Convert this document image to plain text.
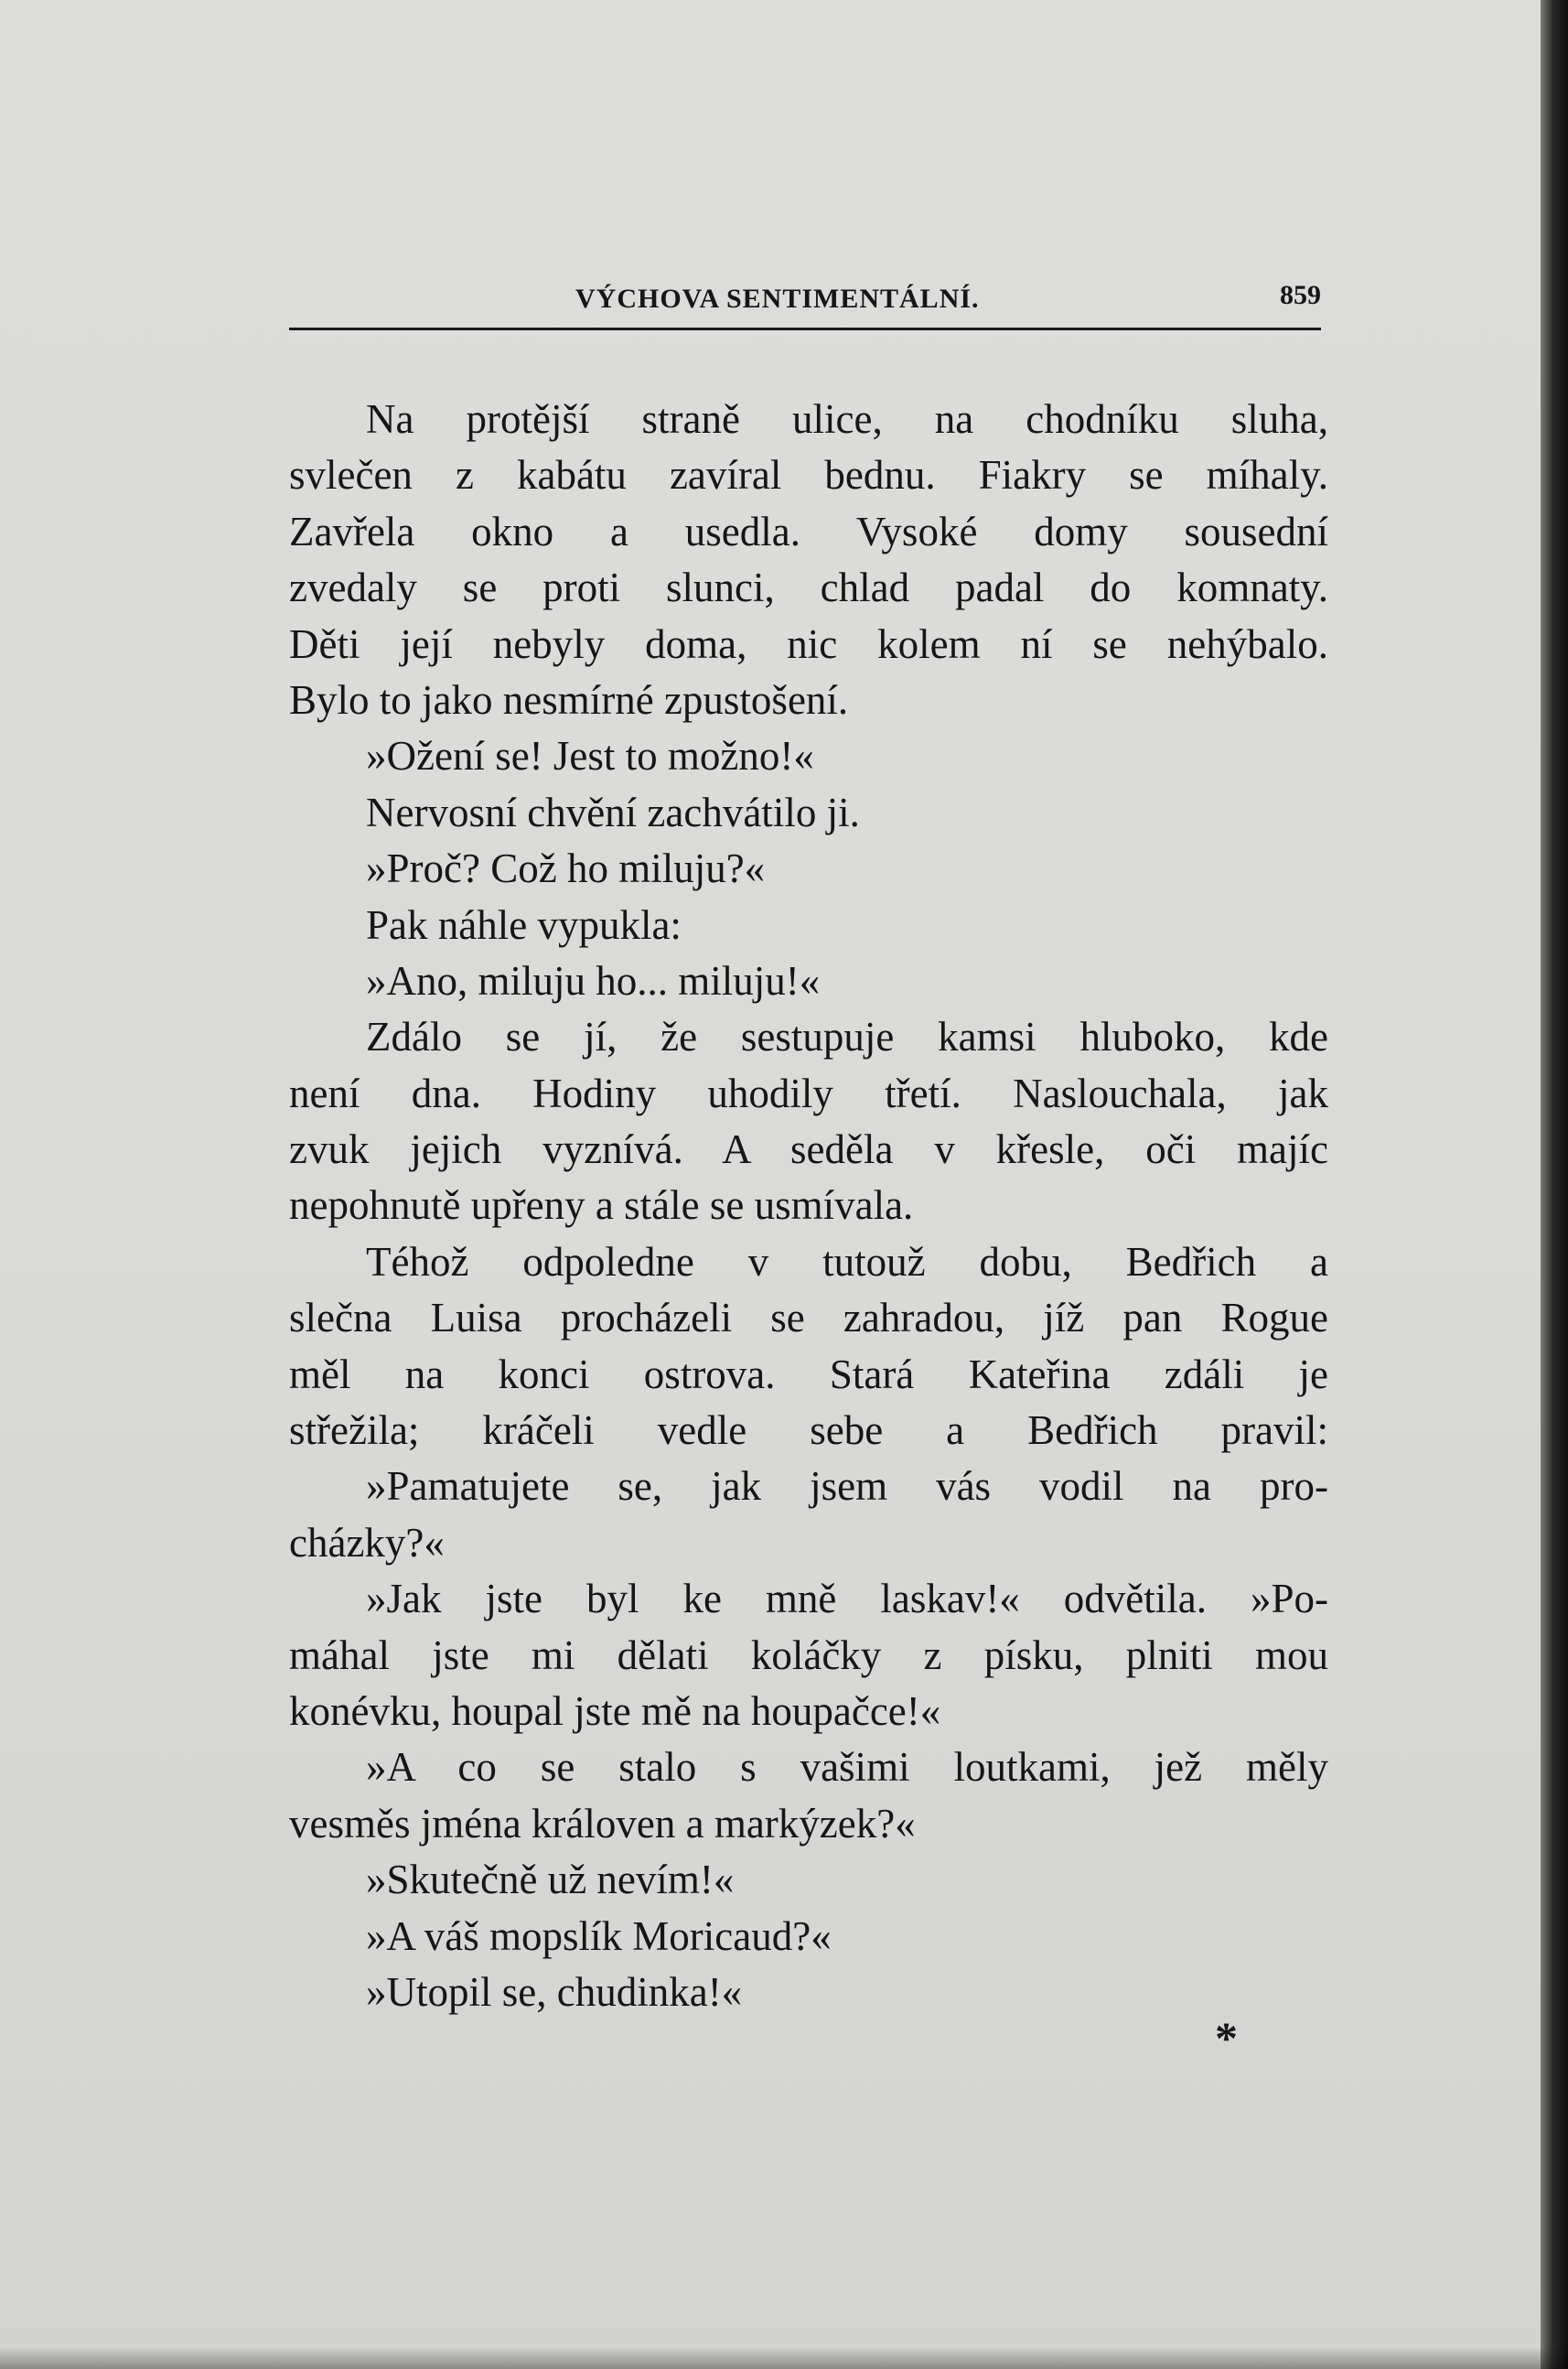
VÝCHOVA SENTIMENTÁLNÍ.	859
Na protější straně ulice, na chodníku sluha,
svlečen z kabátu zavíral bednu. Fiakry se míhaly.
Zavřela okno a usedla. Vysoké domy sousední
zvedaly se proti slunci, chlad padal do komnaty.
Děti její nebyly doma, nic kolem ní se nehýbalo.
Bylo to jako nesmírné zpustošení.
»Ožení se! Jest to možno!«
Nervosní chvění zachvátilo ji.
»Proč? Což ho miluju?«
Pak náhle vypukla:
»Ano, miluju ho... miluju!«
Zdálo se jí, že sestupuje kamsi hluboko, kde
není dna. Hodiny uhodily třetí. Naslouchala, jak
zvuk jejich vyznívá. A seděla v křesle, oči majíc
nepohnutě upřeny a stále se usmívala.
Téhož odpoledne v tutouž dobu, Bedřich a
slečna Luisa procházeli se zahradou, jíž pan Rogue
měl na konci ostrova. Stará Kateřina zdáli je
střežila; kráčeli vedle sebe a Bedřich pravil:
»Pamatujete se, jak jsem vás vodil na pro-
cházky?«
»Jak jste byl ke mně laskav!« odvětila. »Po-
máhal jste mi dělati koláčky z písku, plniti mou
konévku, houpal jste mě na houpačce!«
»A co se stalo s vašimi loutkami, jež měly
vesměs jména královen a markýzek?«
»Skutečně už nevím!«
»A váš mopslík Moricaud?«
»Utopil se, chudinka!«
*
